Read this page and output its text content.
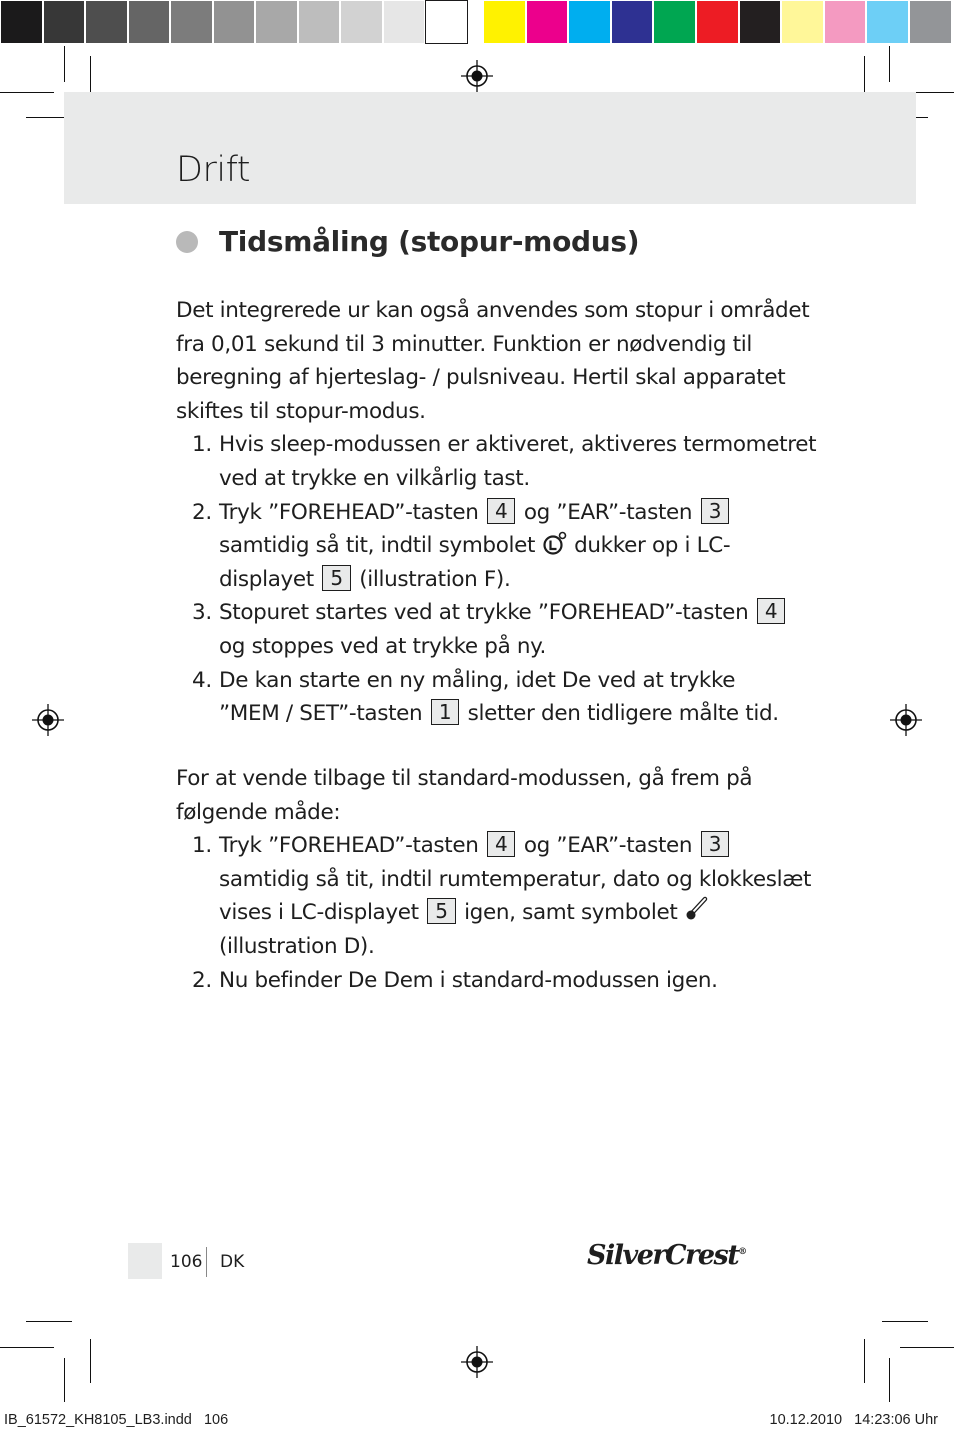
Drift
Tidsmåling (stopur-modus)
Det integrerede ur kan også anvendes som stopur i området
fra 0,01 sekund til 3 minutter. Funktion er nødvendig til
beregning af hjerteslag- / pulsniveau. Hertil skal apparatet
skiftes til stopur-modus.
1. Hvis sleep-modussen er aktiveret, aktiveres termometret
ved at trykke en vilkårlig tast.
2. Tryk ”FOREHEAD”-tasten 4 og ”EAR”-tasten 3
samtidig så tit, indtil symbolet dukker op i LC-
displayet 5 (illustration F).
3. Stopuret startes ved at trykke ”FOREHEAD”-tasten 4
og stoppes ved at trykke på ny.
4. De kan starte en ny måling, idet De ved at trykke
”MEM / SET”-tasten 1 sletter den tidligere målte tid.
For at vende tilbage til standard-modussen, gå frem på
følgende måde:
1. Tryk ”FOREHEAD”-tasten 4 og ”EAR”-tasten 3
samtidig så tit, indtil rumtemperatur, dato og klokkeslæt
vises i LC-displayet 5 igen, samt symbolet
(illustration D).
2. Nu befinder De Dem i standard-modussen igen.
106 DK	SilverCrest®
IB_61572_KH8105_LB3.indd   106	10.12.2010   14:23:06 Uhr
